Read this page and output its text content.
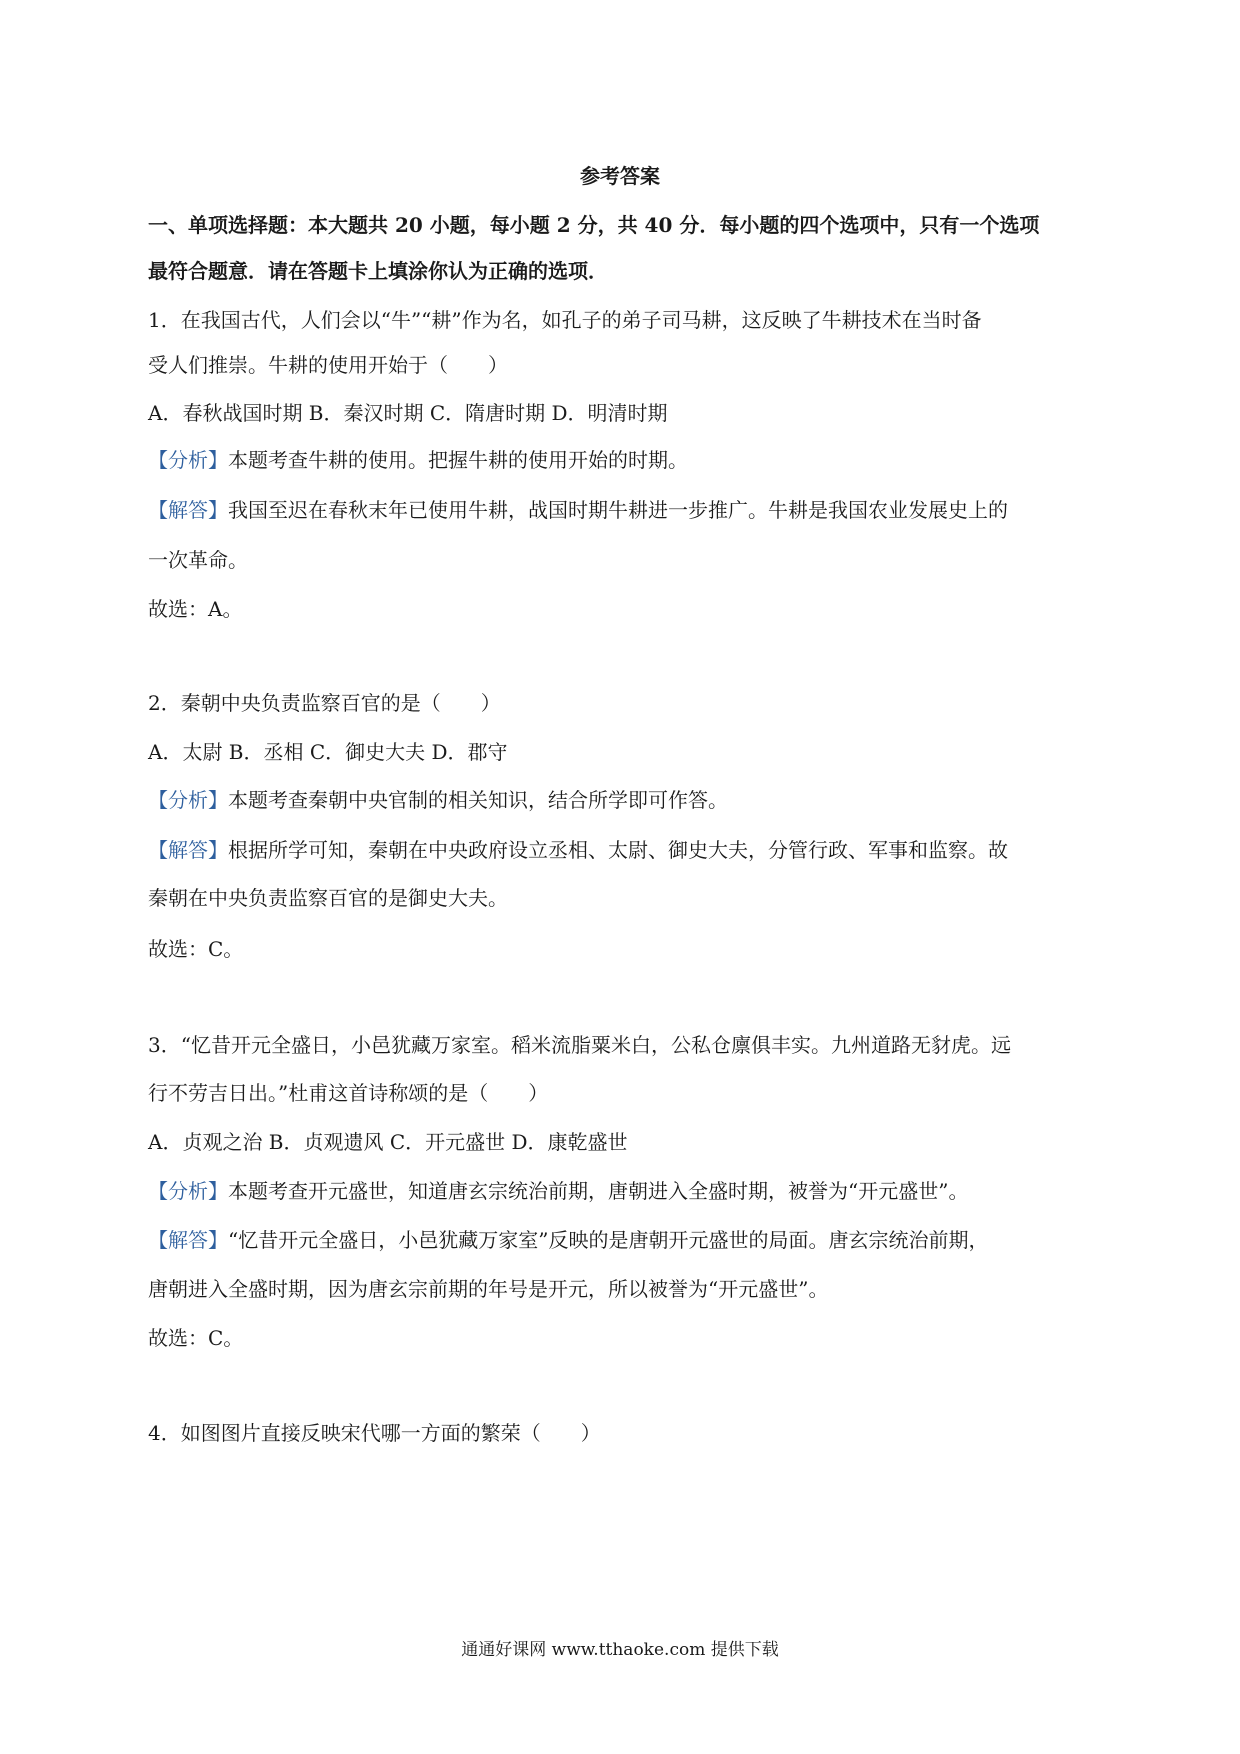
参考答案
一、单项选择题：本大题共 20 小题，每小题 2 分，共 40 分．每小题的四个选项中，只有一个选项
最符合题意．请在答题卡上填涂你认为正确的选项．
1．在我国古代，人们会以“牛”“耕”作为名，如孔子的弟子司马耕，这反映了牛耕技术在当时备
受人们推崇。牛耕的使用开始于（　　）
A．春秋战国时期 B．秦汉时期 C．隋唐时期 D．明清时期
【分析】本题考查牛耕的使用。把握牛耕的使用开始的时期。
【解答】我国至迟在春秋末年已使用牛耕，战国时期牛耕进一步推广。牛耕是我国农业发展史上的
一次革命。
故选：A。
2．秦朝中央负责监察百官的是（　　）
A．太尉 B．丞相 C．御史大夫 D．郡守
【分析】本题考查秦朝中央官制的相关知识，结合所学即可作答。
【解答】根据所学可知，秦朝在中央政府设立丞相、太尉、御史大夫，分管行政、军事和监察。故
秦朝在中央负责监察百官的是御史大夫。
故选：C。
3．“忆昔开元全盛日，小邑犹藏万家室。稻米流脂粟米白，公私仓廪俱丰实。九州道路无豺虎。远
行不劳吉日出。”杜甫这首诗称颂的是（　　）
A．贞观之治 B．贞观遗风 C．开元盛世 D．康乾盛世
【分析】本题考查开元盛世，知道唐玄宗统治前期，唐朝进入全盛时期，被誉为“开元盛世”。
【解答】“忆昔开元全盛日，小邑犹藏万家室”反映的是唐朝开元盛世的局面。唐玄宗统治前期，
唐朝进入全盛时期，因为唐玄宗前期的年号是开元，所以被誉为“开元盛世”。
故选：C。
4．如图图片直接反映宋代哪一方面的繁荣（　　）
通通好课网 www.tthaoke.com 提供下载
